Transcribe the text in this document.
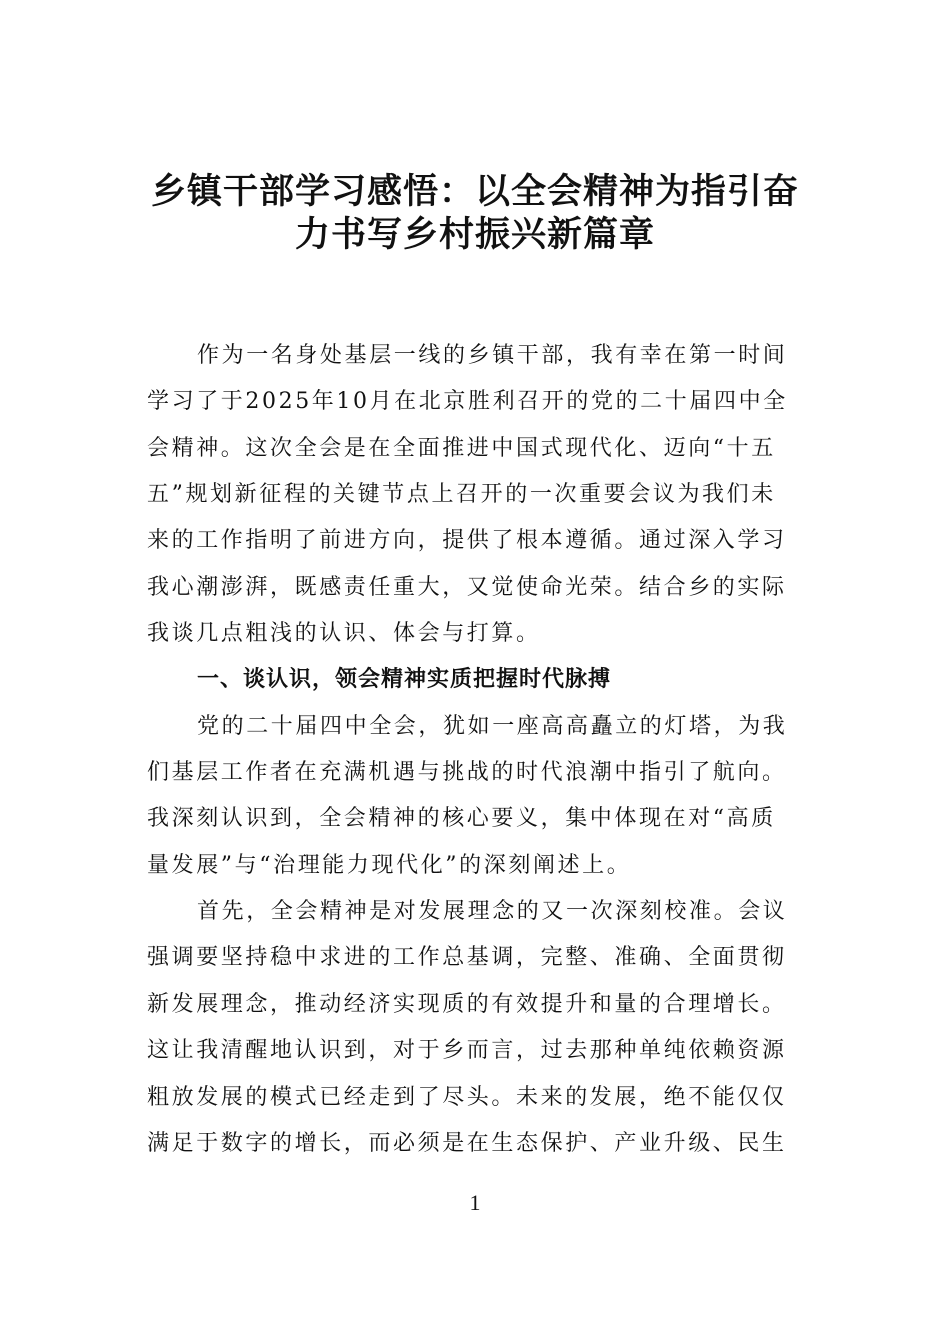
乡镇干部学习感悟：以全会精神为指引奋
力书写乡村振兴新篇章
作为一名身处基层一线的乡镇干部，我有幸在第一时间
学习了于2025年10月在北京胜利召开的党的二十届四中全
会精神。这次全会是在全面推进中国式现代化、迈向“十五
五”规划新征程的关键节点上召开的一次重要会议为我们未
来的工作指明了前进方向，提供了根本遵循。通过深入学习
我心潮澎湃，既感责任重大，又觉使命光荣。结合乡的实际
我谈几点粗浅的认识、体会与打算。
一、谈认识，领会精神实质把握时代脉搏
党的二十届四中全会，犹如一座高高矗立的灯塔，为我
们基层工作者在充满机遇与挑战的时代浪潮中指引了航向。
我深刻认识到，全会精神的核心要义，集中体现在对“高质
量发展”与“治理能力现代化”的深刻阐述上。
首先，全会精神是对发展理念的又一次深刻校准。会议
强调要坚持稳中求进的工作总基调，完整、准确、全面贯彻
新发展理念，推动经济实现质的有效提升和量的合理增长。
这让我清醒地认识到，对于乡而言，过去那种单纯依赖资源
粗放发展的模式已经走到了尽头。未来的发展，绝不能仅仅
满足于数字的增长，而必须是在生态保护、产业升级、民生
1
